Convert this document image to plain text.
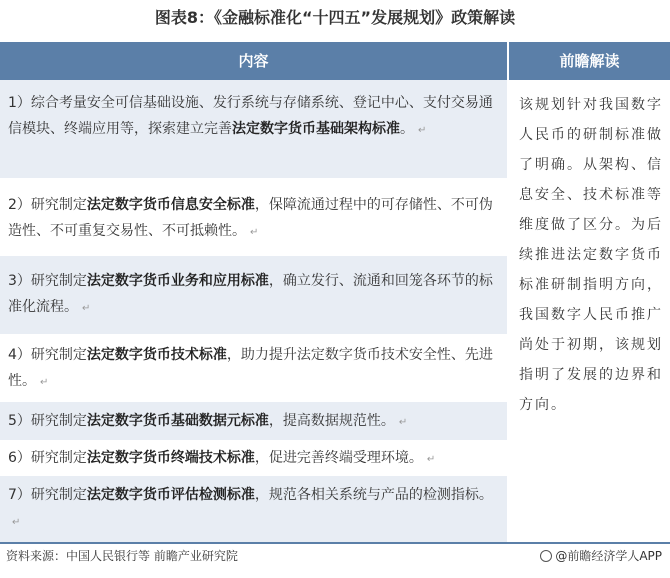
图表8：《金融标准化“十四五”发展规划》政策解读
内容	前瞻解读
1）综合考量安全可信基础设施、发行系统与存储系统、登记中心、支付交易通信模块、终端应用等，探索建立完善法定数字货币基础架构标准。 ↵
2）研究制定法定数字货币信息安全标准，保障流通过程中的可存储性、不可伪造性、不可重复交易性、不可抵赖性。 ↵
3）研究制定法定数字货币业务和应用标准，确立发行、流通和回笼各环节的标准化流程。 ↵
4）研究制定法定数字货币技术标准，助力提升法定数字货币技术安全性、先进性。 ↵
5）研究制定法定数字货币基础数据元标准，提高数据规范性。 ↵
6）研究制定法定数字货币终端技术标准，促进完善终端受理环境。 ↵
7）研究制定法定数字货币评估检测标准，规范各相关系统与产品的检测指标。↵
该规划针对我国数字人民币的研制标准做了明确。从架构、信息安全、技术标准等维度做了区分。为后续推进法定数字货币标准研制指明方向，我国数字人民币推广尚处于初期，该规划指明了发展的边界和方向。
资料来源：中国人民银行等 前瞻产业研究院	@前瞻经济学人APP
